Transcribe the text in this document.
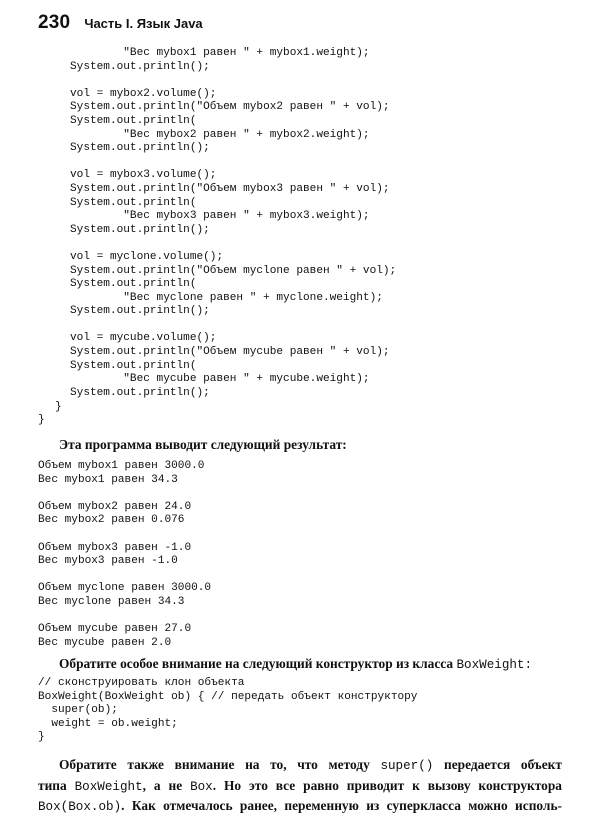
230 Часть I. Язык Java
"Вес mybox1 равен " + mybox1.weight);
System.out.println();
vol = mybox2.volume();
System.out.println("Объем mybox2 равен " + vol);
System.out.println(
"Вес mybox2 равен " + mybox2.weight);
System.out.println();
vol = mybox3.volume();
System.out.println("Объем mybox3 равен " + vol);
System.out.println(
"Вес mybox3 равен " + mybox3.weight);
System.out.println();
vol = myclone.volume();
System.out.println("Объем myclone равен " + vol);
System.out.println(
"Вес myclone равен " + myclone.weight);
System.out.println();
vol = mycube.volume();
System.out.println("Объем mycube равен " + vol);
System.out.println(
"Вес mycube равен " + mycube.weight);
System.out.println();
}
}

Эта программа выводит следующий результат:

Объем mybox1 равен 3000.0
Вес mybox1 равен 34.3
Объем mybox2 равен 24.0
Вес mybox2 равен 0.076
Объем mybox3 равен -1.0
Вес mybox3 равен -1.0
Объем myclone равен 3000.0
Вес myclone равен 34.3
Объем mycube равен 27.0
Вес mycube равен 2.0

Обратите особое внимание на следующий конструктор из класса BoxWeight:

// сконструировать клон объекта
BoxWeight(BoxWeight ob) { // передать объект конструктору
super(ob);
weight = ob.weight;
}
Обратите также внимание на то, что методу super() передается объект
типа BoxWeight, а не Box. Но это все равно приводит к вызову конструктора
Box(Box.ob). Как отмечалось ранее, переменную из суперкласса можно исполь-
